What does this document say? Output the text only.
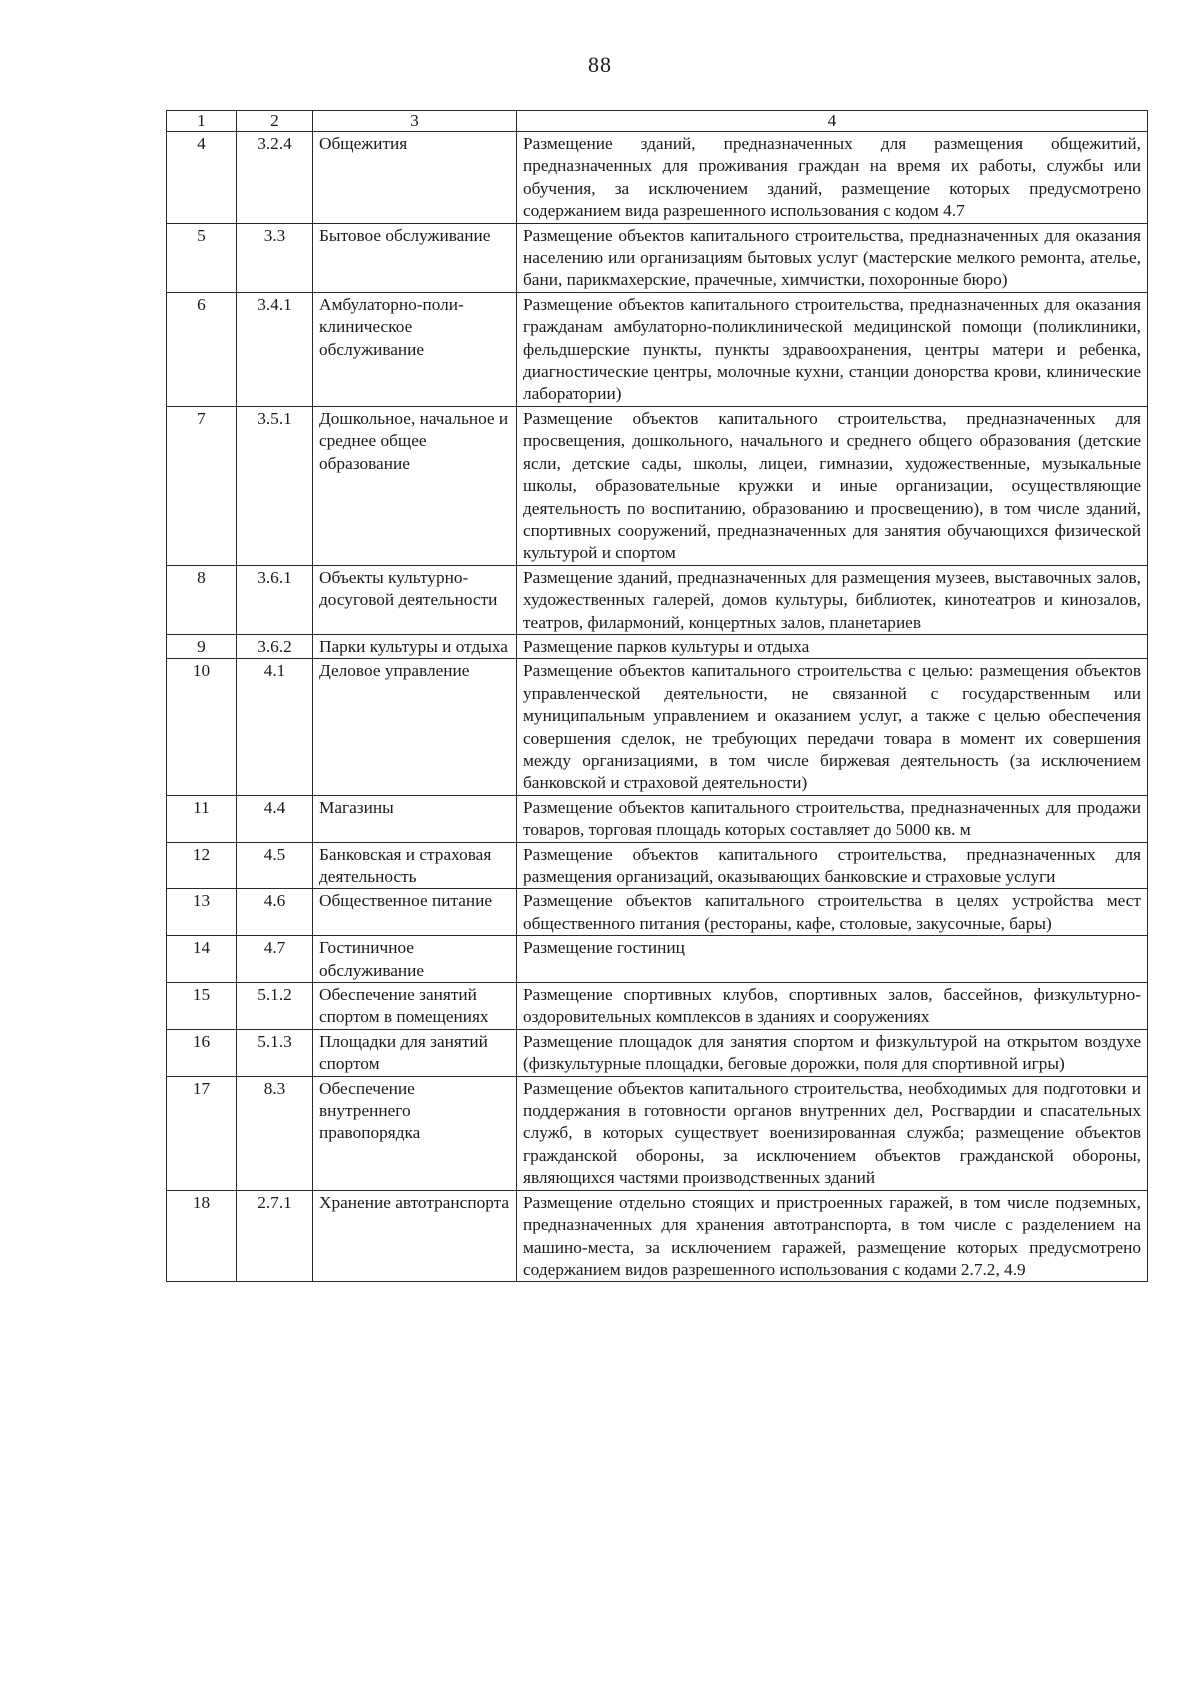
88
1	2	3	4
4	3.2.4	Общежития	Размещение зданий, предназначенных для размещения общежитий, предназначенных для проживания граждан на время их работы, службы или обучения, за исключением зданий, размещение которых предусмотрено содержанием вида разрешенного использования с кодом 4.7
5	3.3	Бытовое обслуживание	Размещение объектов капитального строительства, предназначенных для оказания населению или организациям бытовых услуг (мастерские мелкого ремонта, ателье, бани, парикмахерские, прачечные, химчистки, похоронные бюро)
6	3.4.1	Амбулаторно-поли-клиническое обслуживание	Размещение объектов капитального строительства, предназначенных для оказания гражданам амбулаторно-поликлинической медицинской помощи (поликлиники, фельдшерские пункты, пункты здравоохранения, центры матери и ребенка, диагностические центры, молочные кухни, станции донорства крови, клинические лаборатории)
7	3.5.1	Дошкольное, начальное и среднее общее образование	Размещение объектов капитального строительства, предназначенных для просвещения, дошкольного, начального и среднего общего образования (детские ясли, детские сады, школы, лицеи, гимназии, художественные, музыкальные школы, образовательные кружки и иные организации, осуществляющие деятельность по воспитанию, образованию и просвещению), в том числе зданий, спортивных сооружений, предназначенных для занятия обучающихся физической культурой и спортом
8	3.6.1	Объекты культурно-досуговой деятельности	Размещение зданий, предназначенных для размещения музеев, выставочных залов, художественных галерей, домов культуры, библиотек, кинотеатров и кинозалов, театров, филармоний, концертных залов, планетариев
9	3.6.2	Парки культуры и отдыха	Размещение парков культуры и отдыха
10	4.1	Деловое управление	Размещение объектов капитального строительства с целью: размещения объектов управленческой деятельности, не связанной с государственным или муниципальным управлением и оказанием услуг, а также с целью обеспечения совершения сделок, не требующих передачи товара в момент их совершения между организациями, в том числе биржевая деятельность (за исключением банковской и страховой деятельности)
11	4.4	Магазины	Размещение объектов капитального строительства, предназначенных для продажи товаров, торговая площадь которых составляет до 5000 кв. м
12	4.5	Банковская и страховая деятельность	Размещение объектов капитального строительства, предназначенных для размещения организаций, оказывающих банковские и страховые услуги
13	4.6	Общественное питание	Размещение объектов капитального строительства в целях устройства мест общественного питания (рестораны, кафе, столовые, закусочные, бары)
14	4.7	Гостиничное обслуживание	Размещение гостиниц
15	5.1.2	Обеспечение занятий спортом в помещениях	Размещение спортивных клубов, спортивных залов, бассейнов, физкультурно-оздоровительных комплексов в зданиях и сооружениях
16	5.1.3	Площадки для занятий спортом	Размещение площадок для занятия спортом и физкультурой на открытом воздухе (физкультурные площадки, беговые дорожки, поля для спортивной игры)
17	8.3	Обеспечение внутреннего правопорядка	Размещение объектов капитального строительства, необходимых для подготовки и поддержания в готовности органов внутренних дел, Росгвардии и спасательных служб, в которых существует военизированная служба; размещение объектов гражданской обороны, за исключением объектов гражданской обороны, являющихся частями производственных зданий
18	2.7.1	Хранение автотранспорта	Размещение отдельно стоящих и пристроенных гаражей, в том числе подземных, предназначенных для хранения автотранспорта, в том числе с разделением на машино-места, за исключением гаражей, размещение которых предусмотрено содержанием видов разрешенного использования с кодами 2.7.2, 4.9
